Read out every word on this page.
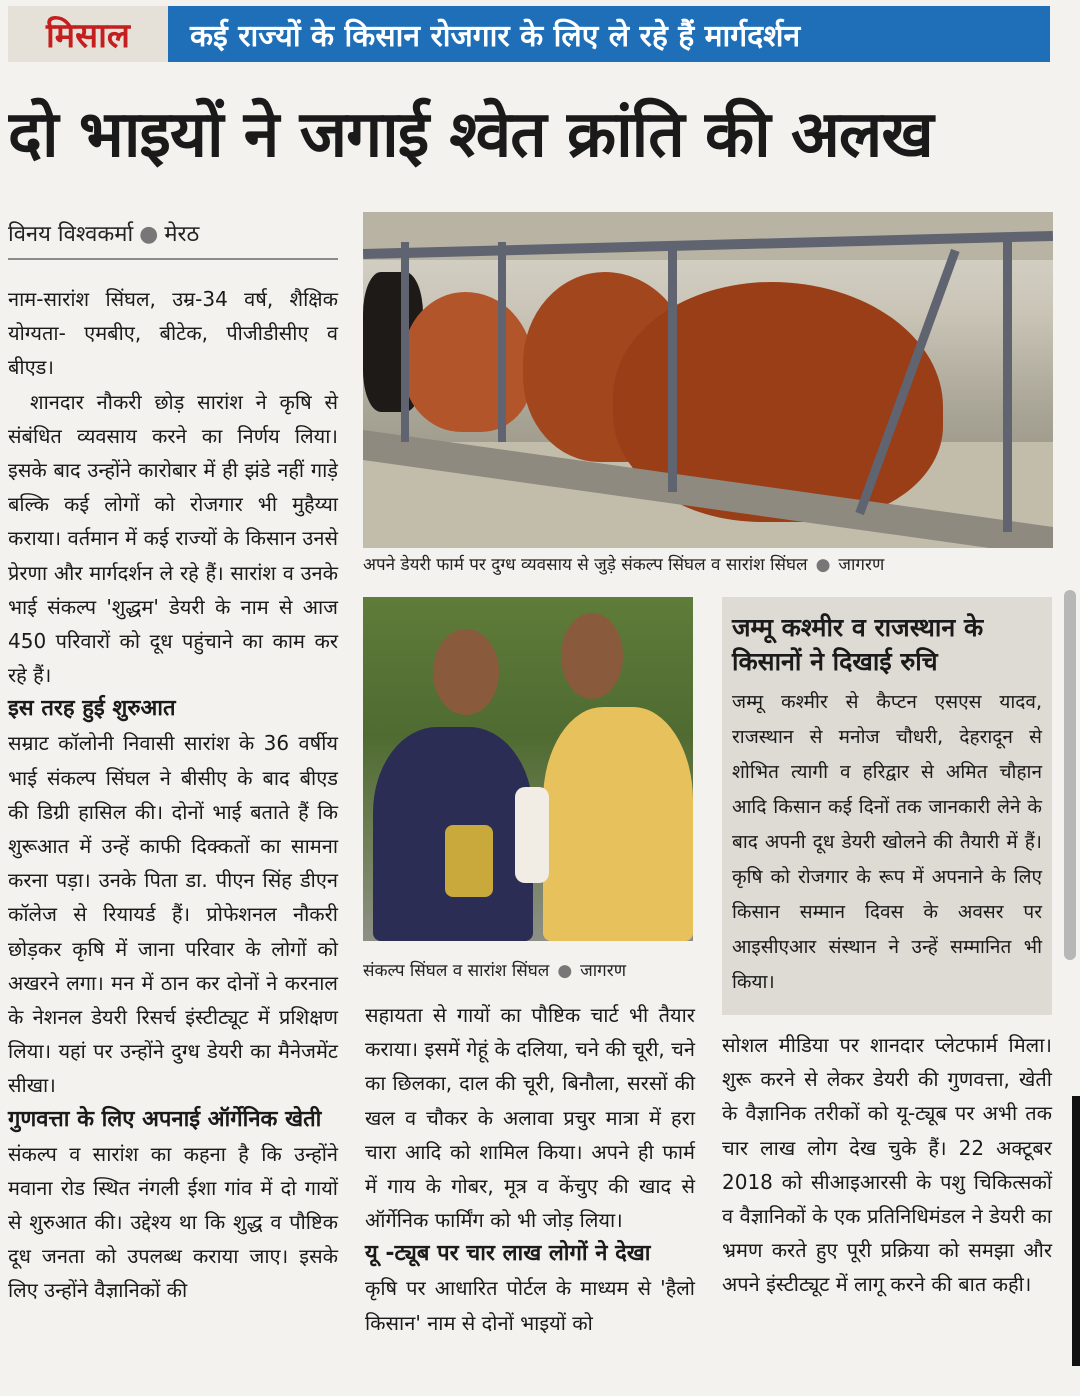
मिसाल	कई राज्यों के किसान रोजगार के लिए ले रहे हैं मार्गदर्शन
दो भाइयों ने जगाई श्वेत क्रांति की अलख
विनय विश्वकर्मा ● मेरठ

नाम-सारांश सिंघल, उम्र-34 वर्ष, शैक्षिक योग्यता- एमबीए, बीटेक, पीजीडीसीए व बीएड।

शानदार नौकरी छोड़ सारांश ने कृषि से संबंधित व्यवसाय करने का निर्णय लिया। इसके बाद उन्होंने कारोबार में ही झंडे नहीं गाड़े बल्कि कई लोगों को रोजगार भी मुहैय्या कराया। वर्तमान में कई राज्यों के किसान उनसे प्रेरणा और मार्गदर्शन ले रहे हैं। सारांश व उनके भाई संकल्प 'शुद्धम' डेयरी के नाम से आज 450 परिवारों को दूध पहुंचाने का काम कर रहे हैं।

इस तरह हुई शुरुआत

सम्राट कॉलोनी निवासी सारांश के 36 वर्षीय भाई संकल्प सिंघल ने बीसीए के बाद बीएड की डिग्री हासिल की। दोनों भाई बताते हैं कि शुरूआत में उन्हें काफी दिक्कतों का सामना करना पड़ा। उनके पिता डा. पीएन सिंह डीएन कॉलेज से रियायर्ड हैं। प्रोफेशनल नौकरी छोड़कर कृषि में जाना परिवार के लोगों को अखरने लगा। मन में ठान कर दोनों ने करनाल के नेशनल डेयरी रिसर्च इंस्टीट्यूट में प्रशिक्षण लिया। यहां पर उन्होंने दुग्ध डेयरी का मैनेजमेंट सीखा।

गुणवत्ता के लिए अपनाई ऑर्गेनिक खेती

संकल्प व सारांश का कहना है कि उन्होंने मवाना रोड स्थित नंगली ईशा गांव में दो गायों से शुरुआत की। उद्देश्य था कि शुद्ध व पौष्टिक दूध जनता को उपलब्ध कराया जाए। इसके लिए उन्होंने वैज्ञानिकों की

अपने डेयरी फार्म पर दुग्ध व्यवसाय से जुड़े संकल्प सिंघल व सारांश सिंघल ● जागरण
संकल्प सिंघल व सारांश सिंघल ● जागरण
जम्मू कश्मीर व राजस्थान के किसानों ने दिखाई रुचि
जम्मू कश्मीर से कैप्टन एसएस यादव, राजस्थान से मनोज चौधरी, देहरादून से शोभित त्यागी व हरिद्वार से अमित चौहान आदि किसान कई दिनों तक जानकारी लेने के बाद अपनी दूध डेयरी खोलने की तैयारी में हैं। कृषि को रोजगार के रूप में अपनाने के लिए किसान सम्मान दिवस के अवसर पर आइसीएआर संस्थान ने उन्हें सम्मानित भी किया।

सहायता से गायों का पौष्टिक चार्ट भी तैयार कराया। इसमें गेहूं के दलिया, चने की चूरी, चने का छिलका, दाल की चूरी, बिनौला, सरसों की खल व चौकर के अलावा प्रचुर मात्रा में हरा चारा आदि को शामिल किया। अपने ही फार्म में गाय के गोबर, मूत्र व केंचुए की खाद से ऑर्गेनिक फार्मिंग को भी जोड़ लिया।

यू -ट्यूब पर चार लाख लोगों ने देखा

कृषि पर आधारित पोर्टल के माध्यम से 'हैलो किसान' नाम से दोनों भाइयों को

सोशल मीडिया पर शानदार प्लेटफार्म मिला। शुरू करने से लेकर डेयरी की गुणवत्ता, खेती के वैज्ञानिक तरीकों को यू-ट्यूब पर अभी तक चार लाख लोग देख चुके हैं। 22 अक्टूबर 2018 को सीआइआरसी के पशु चिकित्सकों व वैज्ञानिकों के एक प्रतिनिधिमंडल ने डेयरी का भ्रमण करते हुए पूरी प्रक्रिया को समझा और अपने इंस्टीट्यूट में लागू करने की बात कही।
